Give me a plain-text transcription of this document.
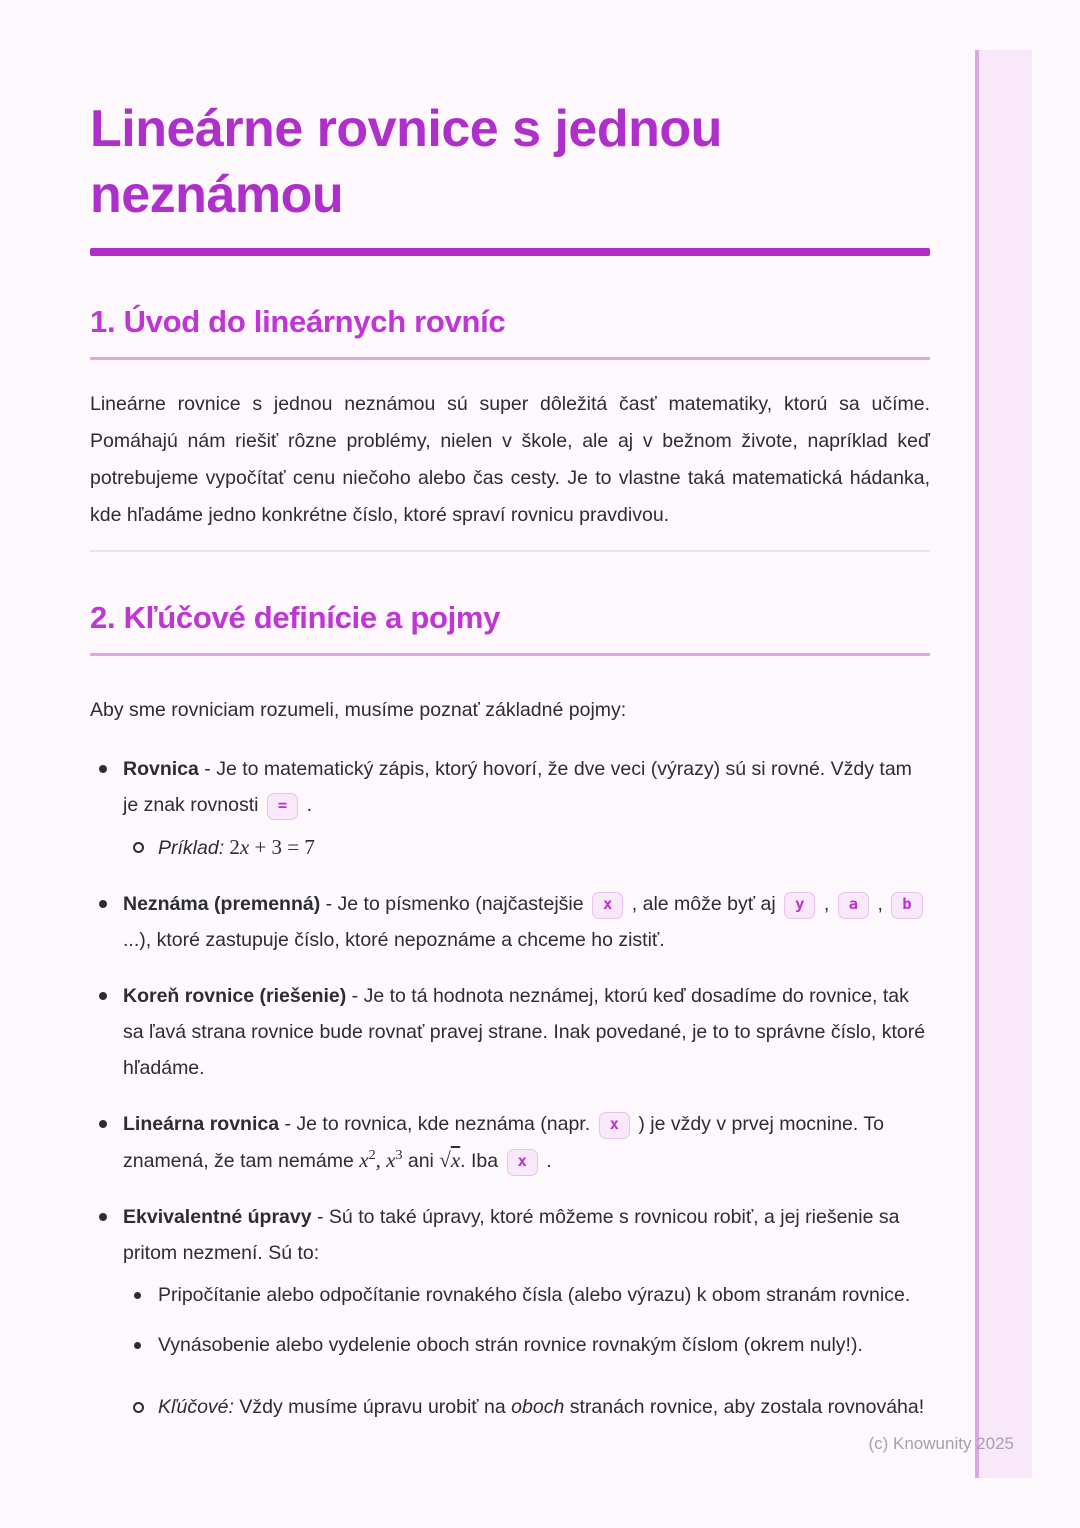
Lineárne rovnice s jednou neznámou
1. Úvod do lineárnych rovníc

Lineárne rovnice s jednou neznámou sú super dôležitá časť matematiky, ktorú sa učíme. Pomáhajú nám riešiť rôzne problémy, nielen v škole, ale aj v bežnom živote, napríklad keď potrebujeme vypočítať cenu niečoho alebo čas cesty. Je to vlastne taká matematická hádanka, kde hľadáme jedno konkrétne číslo, ktoré spraví rovnicu pravdivou.

2. Kľúčové definície a pojmy

Aby sme rovniciam rozumeli, musíme poznať základné pojmy:

Rovnica - Je to matematický zápis, ktorý hovorí, že dve veci (výrazy) sú si rovné. Vždy tam je znak rovnosti = .
Príklad: 2x + 3 = 7
Neznáma (premenná) - Je to písmenko (najčastejšie x , ale môže byť aj y , a , b ...), ktoré zastupuje číslo, ktoré nepoznáme a chceme ho zistiť.
Koreň rovnice (riešenie) - Je to tá hodnota neznámej, ktorú keď dosadíme do rovnice, tak sa ľavá strana rovnice bude rovnať pravej strane. Inak povedané, je to to správne číslo, ktoré hľadáme.
Lineárna rovnica - Je to rovnica, kde neznáma (napr. x ) je vždy v prvej mocnine. To znamená, že tam nemáme $x^2$, $x^3$ ani √x. Iba x .
Ekvivalentné úpravy - Sú to také úpravy, ktoré môžeme s rovnicou robiť, a jej riešenie sa pritom nezmení. Sú to:
Pripočítanie alebo odpočítanie rovnakého čísla (alebo výrazu) k obom stranám rovnice.
Vynásobenie alebo vydelenie oboch strán rovnice rovnakým číslom (okrem nuly!).
Kľúčové: Vždy musíme úpravu urobiť na oboch stranách rovnice, aby zostala rovnováha!
(c) Knowunity 2025
